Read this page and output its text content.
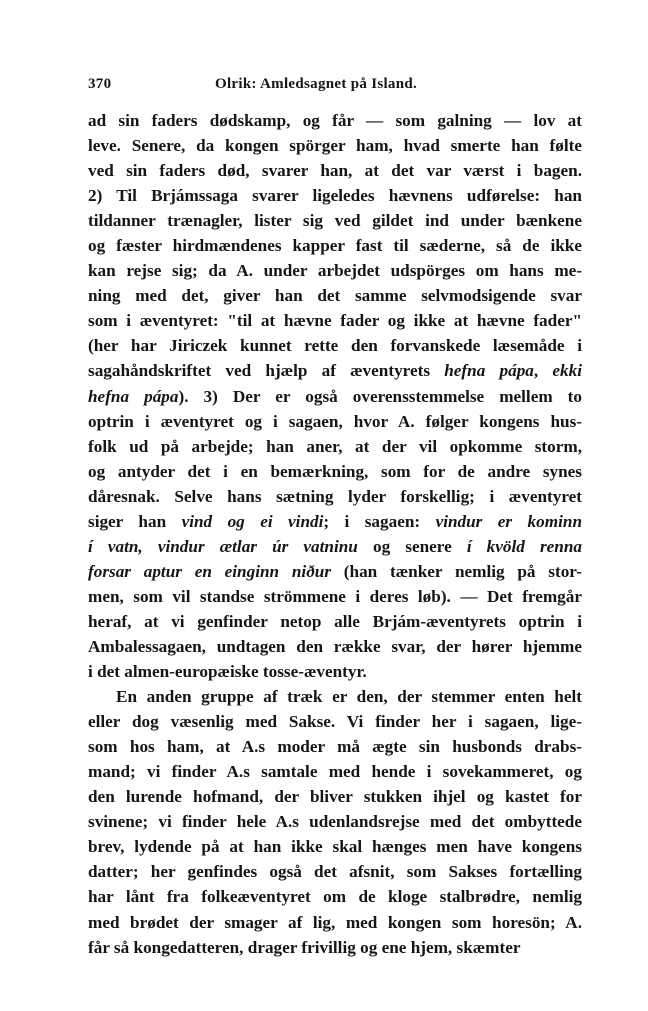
370	Olrik: Amledsagnet på Island.
ad sin faders dødskamp, og får — som galning — lov at
leve. Senere, da kongen spörger ham, hvad smerte han følte
ved sin faders død, svarer han, at det var værst i bagen.
2) Til Brjámssaga svarer ligeledes hævnens udførelse: han
tildanner trænagler, lister sig ved gildet ind under bænkene
og fæster hirdmændenes kapper fast til sæderne, så de ikke
kan rejse sig; da A. under arbejdet udspörges om hans me-
ning med det, giver han det samme selvmodsigende svar
som i æventyret: "til at hævne fader og ikke at hævne fader"
(her har Jiriczek kunnet rette den forvanskede læsemåde i
sagahåndskriftet ved hjælp af æventyrets hefna pápa, ekki
hefna pápa). 3) Der er også overensstemmelse mellem to
optrin i æventyret og i sagaen, hvor A. følger kongens hus-
folk ud på arbejde; han aner, at der vil opkomme storm,
og antyder det i en bemærkning, som for de andre synes
dåresnak. Selve hans sætning lyder forskellig; i æventyret
siger han vind og ei vindi; i sagaen: vindur er kominn
í vatn, vindur ætlar úr vatninu og senere í kvöld renna
forsar aptur en einginn niður (han tænker nemlig på stor-
men, som vil standse strömmene i deres løb). — Det fremgår
heraf, at vi genfinder netop alle Brjám-æventyrets optrin i
Ambalessagaen, undtagen den række svar, der hører hjemme
i det almen-europæiske tosse-æventyr.
En anden gruppe af træk er den, der stemmer enten helt
eller dog væsenlig med Sakse. Vi finder her i sagaen, lige-
som hos ham, at A.s moder må ægte sin husbonds drabs-
mand; vi finder A.s samtale med hende i sovekammeret, og
den lurende hofmand, der bliver stukken ihjel og kastet for
svinene; vi finder hele A.s udenlandsrejse med det ombyttede
brev, lydende på at han ikke skal hænges men have kongens
datter; her genfindes også det afsnit, som Sakses fortælling
har lånt fra folkeæventyret om de kloge stalbrødre, nemlig
med brødet der smager af lig, med kongen som horesön; A.
får så kongedatteren, drager frivillig og ene hjem, skæmter
